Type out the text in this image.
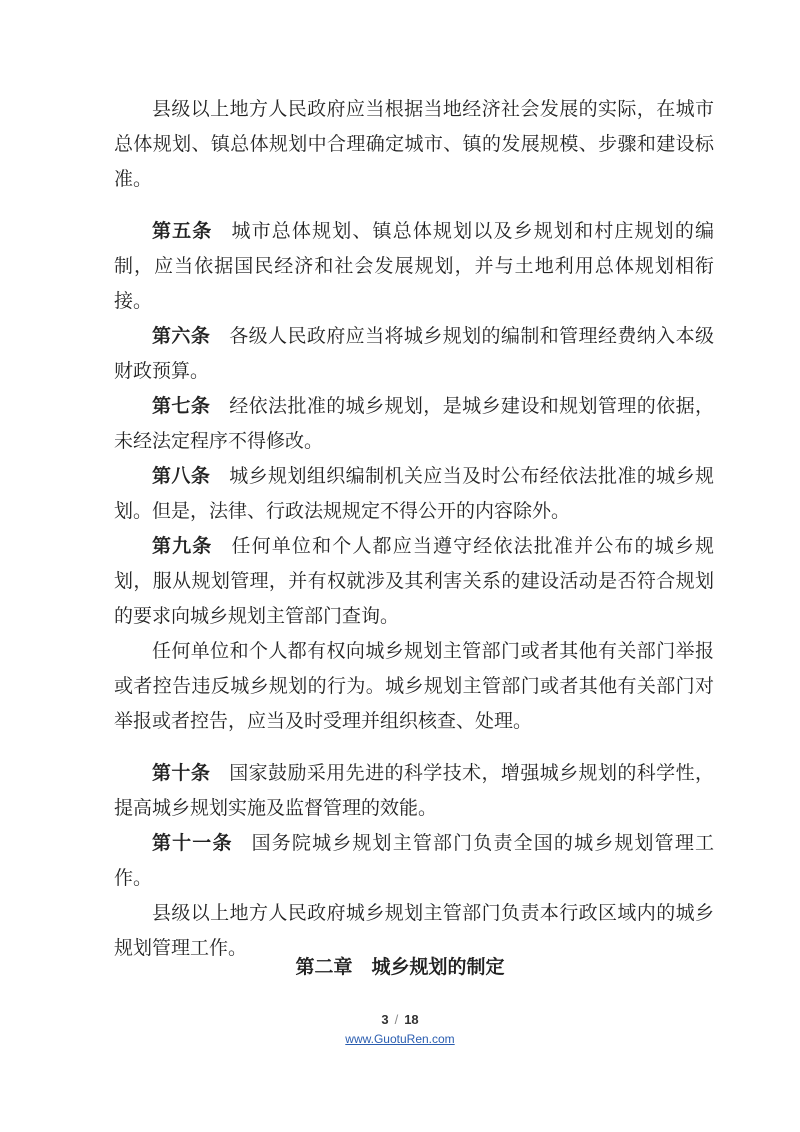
县级以上地方人民政府应当根据当地经济社会发展的实际，在城市总体规划、镇总体规划中合理确定城市、镇的发展规模、步骤和建设标准。

第五条 城市总体规划、镇总体规划以及乡规划和村庄规划的编制，应当依据国民经济和社会发展规划，并与土地利用总体规划相衔接。

第六条 各级人民政府应当将城乡规划的编制和管理经费纳入本级财政预算。

第七条 经依法批准的城乡规划，是城乡建设和规划管理的依据，未经法定程序不得修改。

第八条 城乡规划组织编制机关应当及时公布经依法批准的城乡规划。但是，法律、行政法规规定不得公开的内容除外。

第九条 任何单位和个人都应当遵守经依法批准并公布的城乡规划，服从规划管理，并有权就涉及其利害关系的建设活动是否符合规划的要求向城乡规划主管部门查询。

任何单位和个人都有权向城乡规划主管部门或者其他有关部门举报或者控告违反城乡规划的行为。城乡规划主管部门或者其他有关部门对举报或者控告，应当及时受理并组织核查、处理。

第十条 国家鼓励采用先进的科学技术，增强城乡规划的科学性，提高城乡规划实施及监督管理的效能。

第十一条 国务院城乡规划主管部门负责全国的城乡规划管理工作。

县级以上地方人民政府城乡规划主管部门负责本行政区域内的城乡规划管理工作。

第二章 城乡规划的制定
3 / 18
www.GuotuRen.com
